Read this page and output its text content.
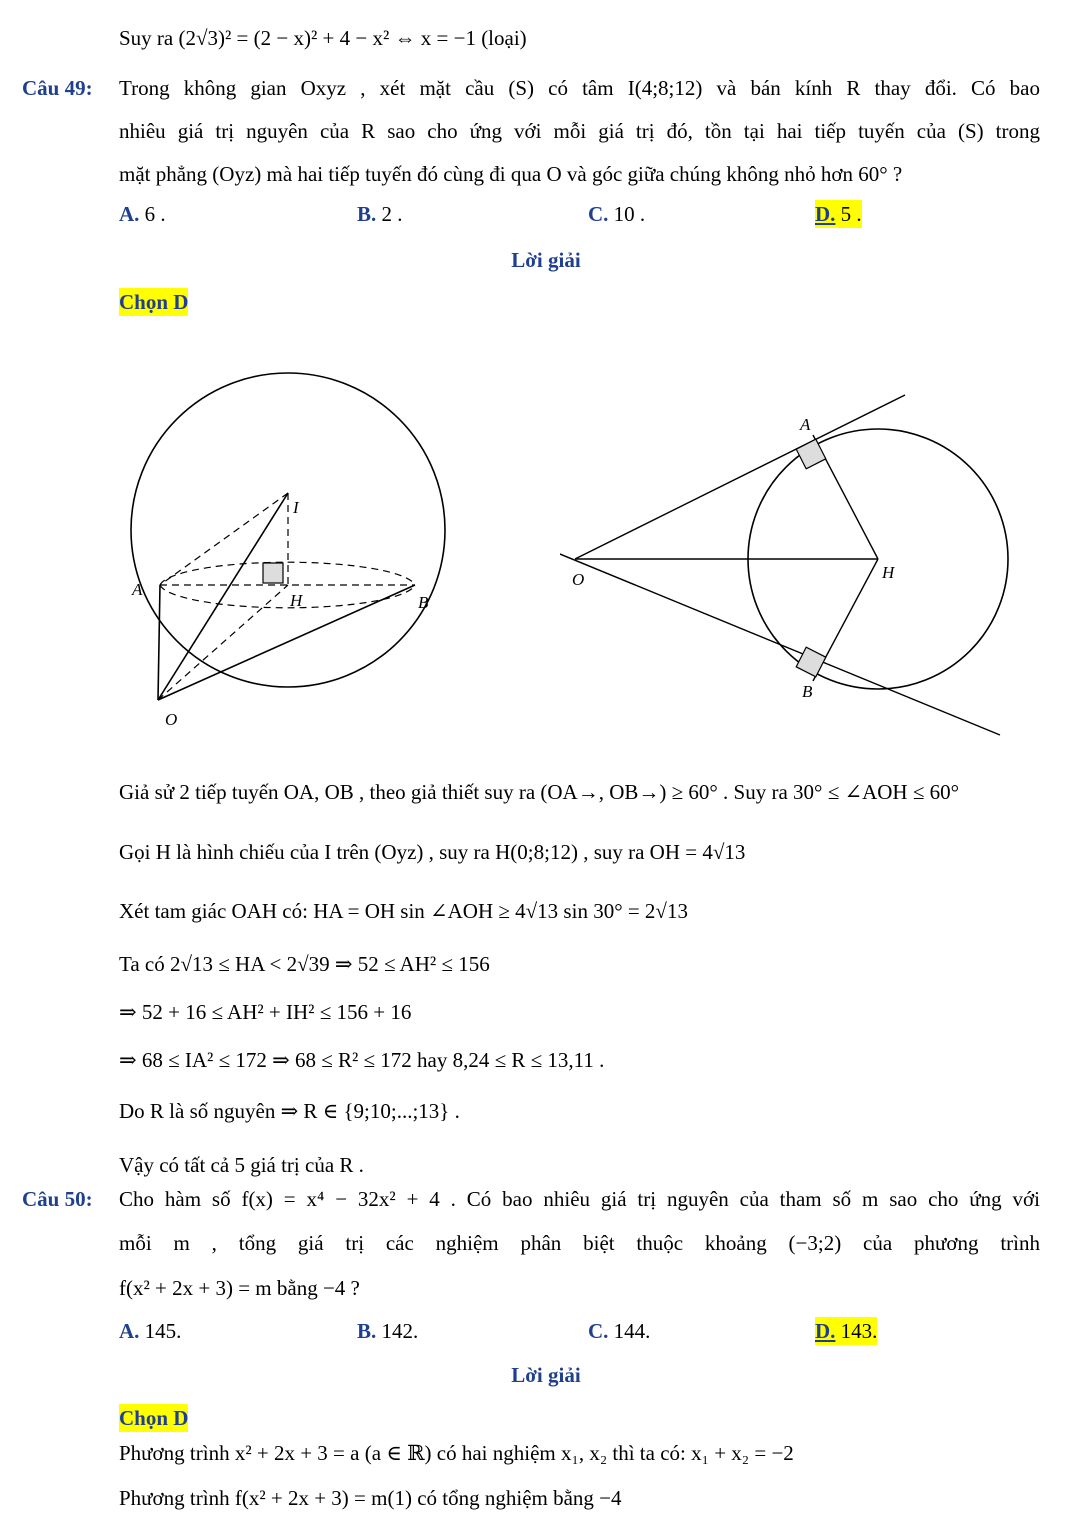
Suy ra (2√3)² = (2 − x)² + 4 − x² ⇔ x = −1 (loại)
Câu 49: Trong không gian Oxyz , xét mặt cầu (S) có tâm I(4;8;12) và bán kính R thay đổi. Có bao
nhiêu giá trị nguyên của R sao cho ứng với mỗi giá trị đó, tồn tại hai tiếp tuyến của (S) trong
mặt phẳng (Oyz) mà hai tiếp tuyến đó cùng đi qua O và góc giữa chúng không nhỏ hơn 60° ?
A. 6 .	B. 2 .	C. 10 .	D. 5 .
Lời giải
Chọn D
I
A
H	B
O
A
O	H
B
Giả sử 2 tiếp tuyến OA, OB , theo giả thiết suy ra (OA→, OB→) ≥ 60° . Suy ra 30° ≤ ∠AOH ≤ 60°
Gọi H là hình chiếu của I trên (Oyz) , suy ra H(0;8;12) , suy ra OH = 4√13
Xét tam giác OAH có: HA = OH sin ∠AOH ≥ 4√13 sin 30° = 2√13
Ta có 2√13 ≤ HA < 2√39 ⇒ 52 ≤ AH² ≤ 156
⇒ 52 + 16 ≤ AH² + IH² ≤ 156 + 16
⇒ 68 ≤ IA² ≤ 172 ⇒ 68 ≤ R² ≤ 172 hay 8,24 ≤ R ≤ 13,11 .
Do R là số nguyên ⇒ R ∈ {9;10;...;13} .
Vậy có tất cả 5 giá trị của R .
Câu 50: Cho hàm số f(x) = x⁴ − 32x² + 4 . Có bao nhiêu giá trị nguyên của tham số m sao cho ứng với
mỗi m , tổng giá trị các nghiệm phân biệt thuộc khoảng (−3;2) của phương trình
f(x² + 2x + 3) = m bằng −4 ?
A. 145.	B. 142.	C. 144.	D. 143.
Lời giải
Chọn D
Phương trình x² + 2x + 3 = a (a ∈ ℝ) có hai nghiệm x₁, x₂ thì ta có: x₁ + x₂ = −2
Phương trình f(x² + 2x + 3) = m(1) có tổng nghiệm bằng −4
